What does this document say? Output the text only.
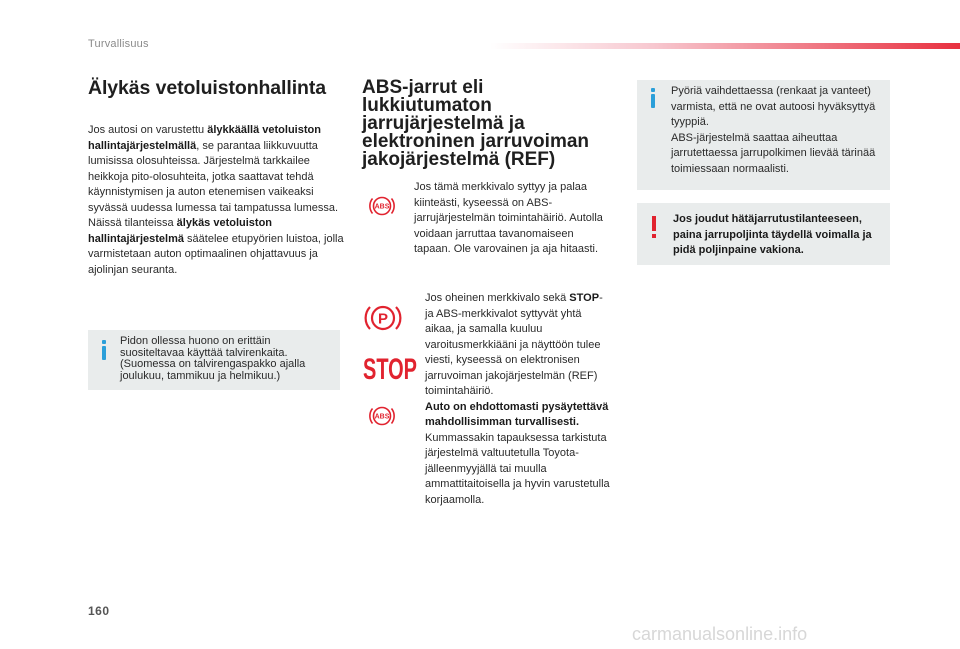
Turvallisuus
Älykäs vetoluistonhallinta
Jos autosi on varustettu älykkäällä vetoluiston hallintajärjestelmällä, se parantaa liikkuvuutta lumisissa olosuhteissa. Järjestelmä tarkkailee heikkoja pito-olosuhteita, jotka saattavat tehdä käynnistymisen ja auton etenemisen vaikeaksi syvässä uudessa lumessa tai tampatussa lumessa.
Näissä tilanteissa älykäs vetoluiston hallintajärjestelmä säätelee etupyörien luistoa, jolla varmistetaan auton optimaalinen ohjattavuus ja ajolinjan seuranta.
Pidon ollessa huono on erittäin suositeltavaa käyttää talvirenkaita. (Suomessa on talvirengaspakko ajalla joulukuu, tammikuu ja helmikuu.)
ABS-jarrut eli lukkiutumaton jarrujärjestelmä ja elektroninen jarruvoiman jakojärjestelmä (REF)
ABS
Jos tämä merkkivalo syttyy ja palaa kiinteästi, kyseessä on ABS-jarrujärjestelmän toimintahäiriö. Autolla voidaan jarruttaa tavanomaiseen tapaan. Ole varovainen ja aja hitaasti.
P
STOP
ABS
Jos oheinen merkkivalo sekä STOP- ja ABS-merkkivalot syttyvät yhtä aikaa, ja samalla kuuluu varoitusmerkkiääni ja näyttöön tulee viesti, kyseessä on elektronisen jarruvoiman jakojärjestelmän (REF) toimintahäiriö.
Auto on ehdottomasti pysäytettävä mahdollisimman turvallisesti.
Kummassakin tapauksessa tarkistuta järjestelmä valtuutetulla Toyota-jälleenmyyjällä tai muulla ammattitaitoisella ja hyvin varustetulla korjaamolla.
Pyöriä vaihdettaessa (renkaat ja vanteet) varmista, että ne ovat autoosi hyväksyttyä tyyppiä.
ABS-järjestelmä saattaa aiheuttaa jarrutettaessa jarrupolkimen lievää tärinää toimiessaan normaalisti.
Jos joudut hätäjarrutustilanteeseen, paina jarrupoljinta täydellä voimalla ja pidä poljinpaine vakiona.
160
carmanualsonline.info
